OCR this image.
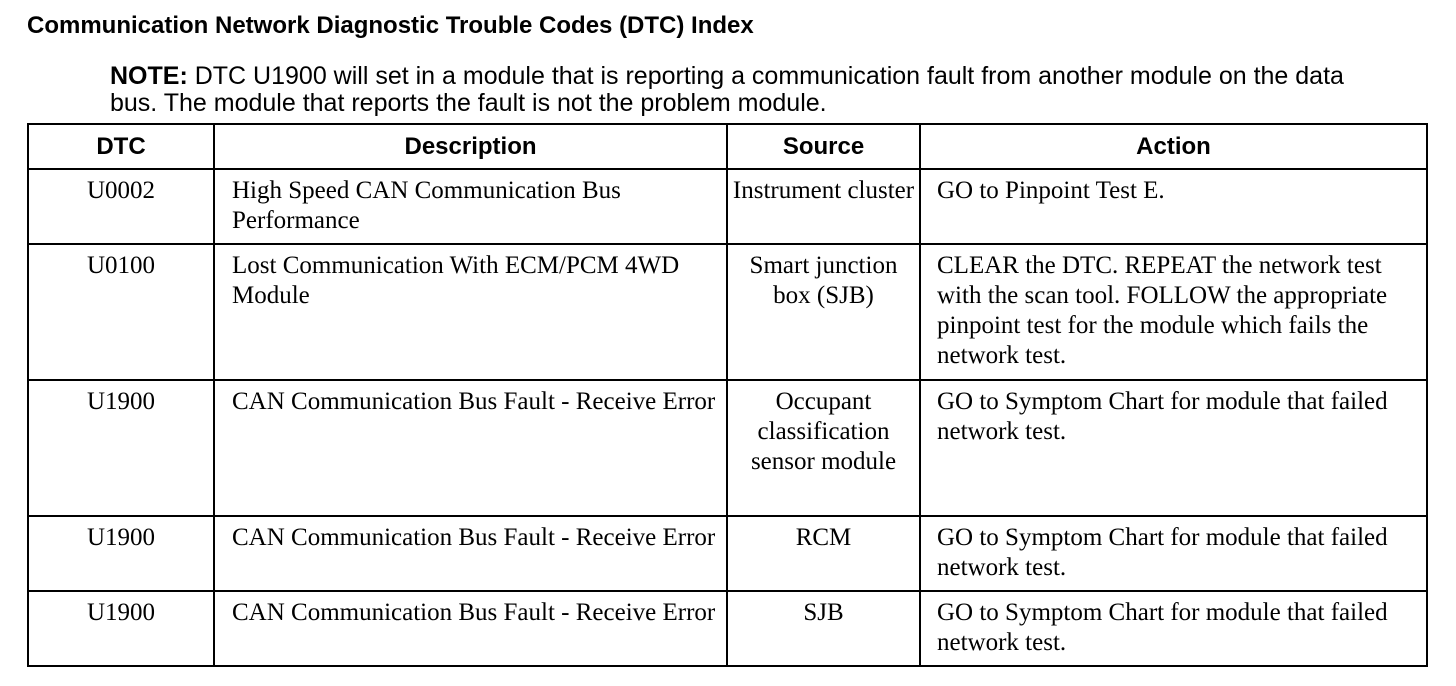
Communication Network Diagnostic Trouble Codes (DTC) Index
NOTE: DTC U1900 will set in a module that is reporting a communication fault from another module on the data bus. The module that reports the fault is not the problem module.
DTC	Description	Source	Action
U0002	High Speed CAN Communication Bus Performance	Instrument cluster	GO to Pinpoint Test E.
U0100	Lost Communication With ECM/PCM 4WD Module	Smart junction box (SJB)	CLEAR the DTC. REPEAT the network test with the scan tool. FOLLOW the appropriate pinpoint test for the module which fails the network test.
U1900	CAN Communication Bus Fault - Receive Error	Occupant classification sensor module	GO to Symptom Chart for module that failed network test.
U1900	CAN Communication Bus Fault - Receive Error	RCM	GO to Symptom Chart for module that failed network test.
U1900	CAN Communication Bus Fault - Receive Error	SJB	GO to Symptom Chart for module that failed network test.
